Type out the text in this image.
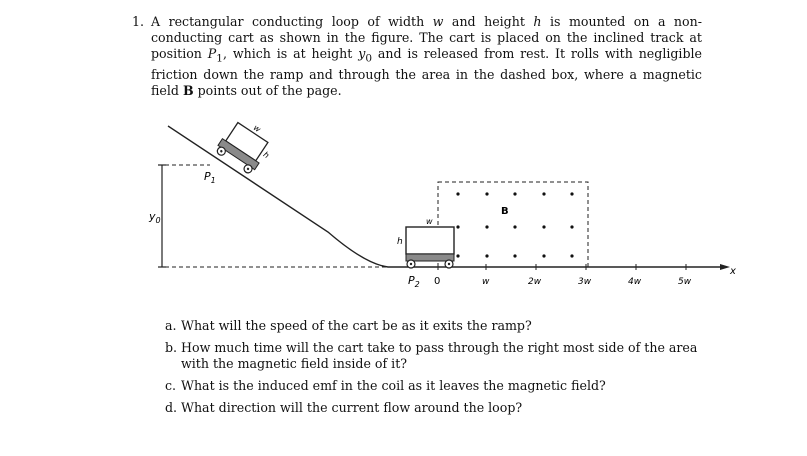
1. A rectangular conducting loop of width w and height h is mounted on a non-conducting cart as shown in the figure. The cart is placed on the inclined track at position $P_1$, which is at height $y_0$ and is released from rest. It rolls with negligible friction down the ramp and through the area in the dashed box, where a magnetic field B points out of the page.
x
$y_0$
w
h
$P_1$
B
w
h
$P_2$ 0	w	2w	3w	4w	5w
a. What will the speed of the cart be as it exits the ramp?
b. How much time will the cart take to pass through the right most side of the area with the magnetic field inside of it?
c. What is the induced emf in the coil as it leaves the magnetic field?
d. What direction will the current flow around the loop?
